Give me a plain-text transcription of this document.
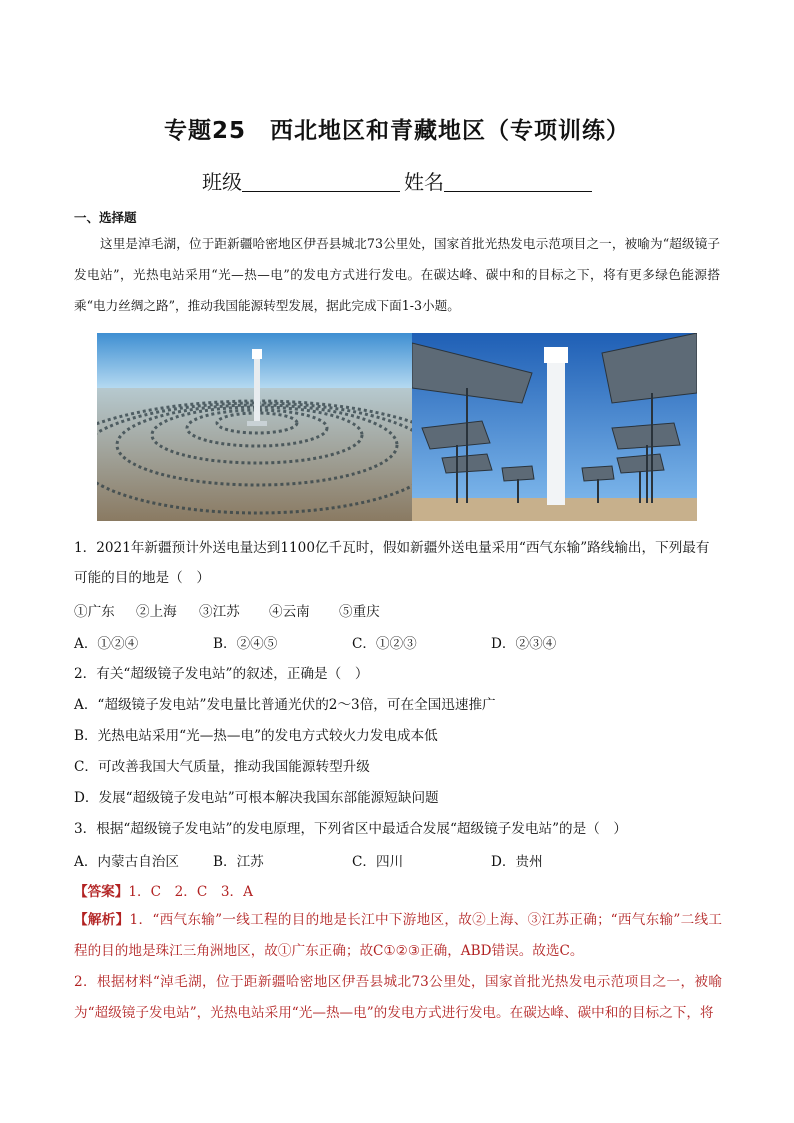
专题25　西北地区和青藏地区（专项训练）
班级	姓名
一、选择题
这里是淖毛湖，位于距新疆哈密地区伊吾县城北73公里处，国家首批光热发电示范项目之一，被喻为“超级镜子发电站”，光热电站采用“光—热—电”的发电方式进行发电。在碳达峰、碳中和的目标之下，将有更多绿色能源搭乘“电力丝绸之路”，推动我国能源转型发展，据此完成下面1-3小题。
1．2021年新疆预计外送电量达到1100亿千瓦时，假如新疆外送电量采用“西气东输”路线输出，下列最有
可能的目的地是（　）
①广东	②上海	③江苏	④云南	⑤重庆
A．①②④	B．②④⑤	C．①②③	D．②③④
2．有关“超级镜子发电站”的叙述，正确是（　）
A．“超级镜子发电站”发电量比普通光伏的2～3倍，可在全国迅速推广
B．光热电站采用“光—热—电”的发电方式较火力发电成本低
C．可改善我国大气质量，推动我国能源转型升级
D．发展“超级镜子发电站”可根本解决我国东部能源短缺问题
3．根据“超级镜子发电站”的发电原理，下列省区中最适合发展“超级镜子发电站”的是（　）
A．内蒙古自治区	B．江苏	C．四川	D．贵州
【答案】1．C　2．C　3．A
【解析】1．“西气东输”一线工程的目的地是长江中下游地区，故②上海、③江苏正确；“西气东输”二线工程的目的地是珠江三角洲地区，故①广东正确；故C①②③正确，ABD错误。故选C。
2．根据材料“淖毛湖，位于距新疆哈密地区伊吾县城北73公里处，国家首批光热发电示范项目之一，被喻为“超级镜子发电站”，光热电站采用“光—热—电”的发电方式进行发电。在碳达峰、碳中和的目标之下，将
